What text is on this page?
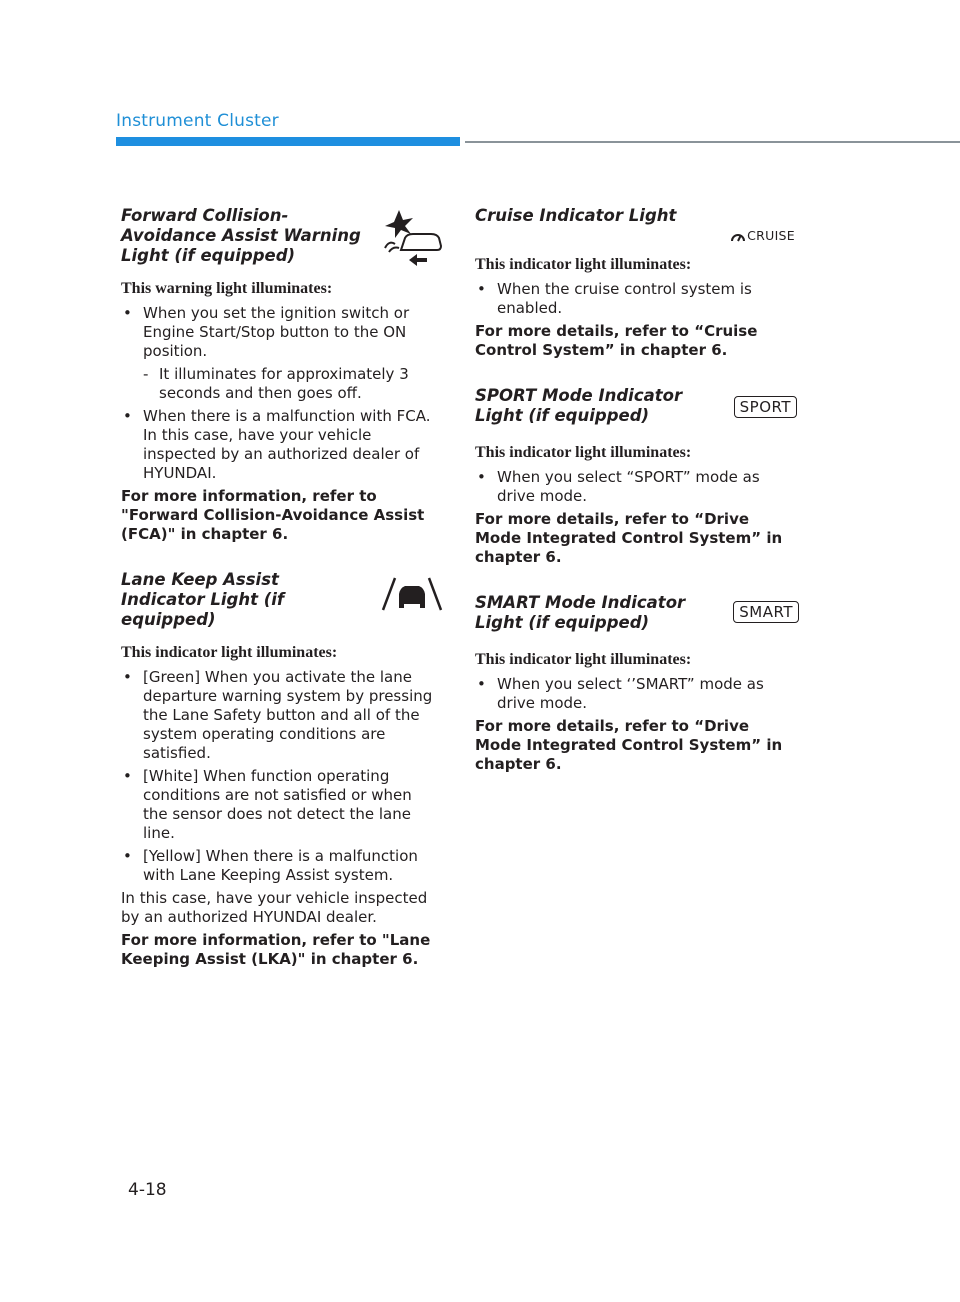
Instrument Cluster
Forward Collision-Avoidance Assist Warning Light (if equipped)
This warning light illuminates:
• When you set the ignition switch or Engine Start/Stop button to the ON position.
- It illuminates for approximately 3 seconds and then goes off.
• When there is a malfunction with FCA. In this case, have your vehicle inspected by an authorized dealer of HYUNDAI.
For more information, refer to "Forward Collision-Avoidance Assist (FCA)" in chapter 6.
Lane Keep Assist Indicator Light (if equipped)
This indicator light illuminates:
• [Green] When you activate the lane departure warning system by pressing the Lane Safety button and all of the system operating conditions are satisfied.
• [White] When function operating conditions are not satisfied or when the sensor does not detect the lane line.
• [Yellow] When there is a malfunction with Lane Keeping Assist system.
In this case, have your vehicle inspected by an authorized HYUNDAI dealer.
For more information, refer to "Lane Keeping Assist (LKA)" in chapter 6.
Cruise Indicator Light
CRUISE
This indicator light illuminates:
• When the cruise control system is enabled.
For more details, refer to “Cruise Control System” in chapter 6.
SPORT Mode Indicator Light (if equipped)	SPORT
This indicator light illuminates:
• When you select “SPORT” mode as drive mode.
For more details, refer to “Drive Mode Integrated Control System” in chapter 6.
SMART Mode Indicator Light (if equipped)
SMART
This indicator light illuminates:
• When you select ‘’SMART” mode as drive mode.
For more details, refer to “Drive Mode Integrated Control System” in chapter 6.
4-18
